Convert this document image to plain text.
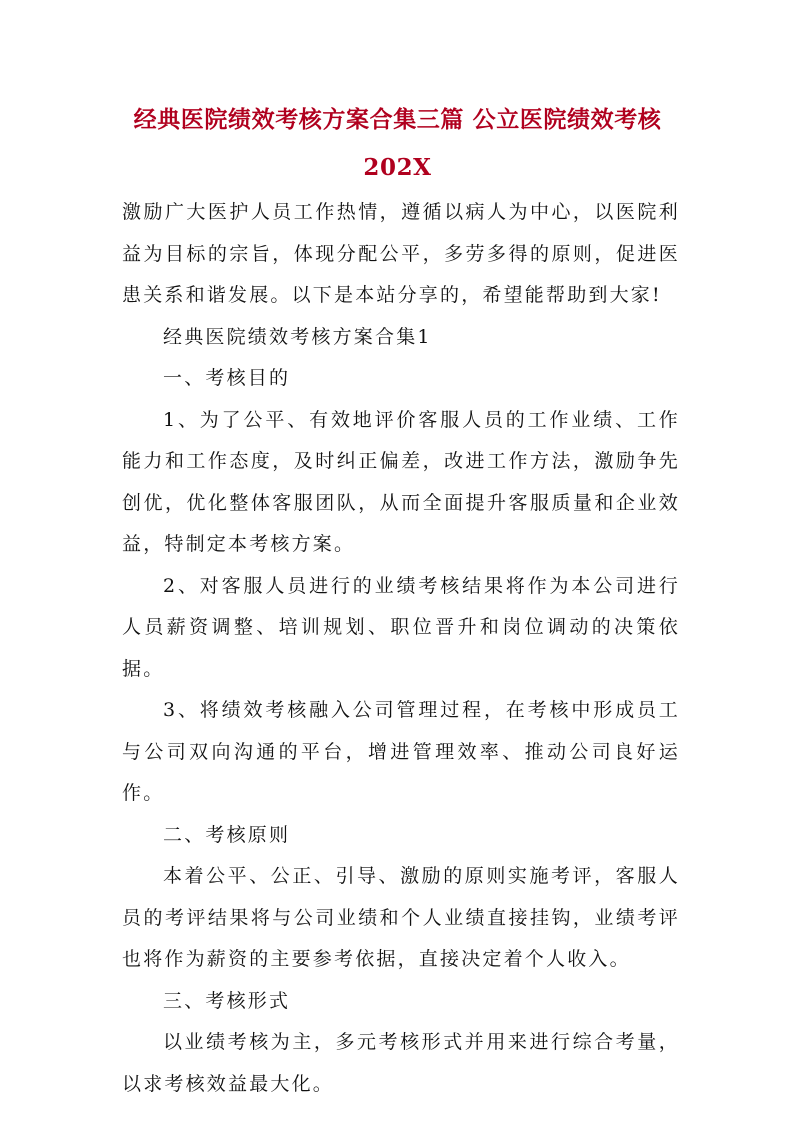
经典医院绩效考核方案合集三篇 公立医院绩效考核202X

激励广大医护人员工作热情，遵循以病人为中心，以医院利益为目标的宗旨，体现分配公平，多劳多得的原则，促进医患关系和谐发展。以下是本站分享的，希望能帮助到大家!

经典医院绩效考核方案合集1

一、考核目的

1、为了公平、有效地评价客服人员的工作业绩、工作能力和工作态度，及时纠正偏差，改进工作方法，激励争先创优，优化整体客服团队，从而全面提升客服质量和企业效益，特制定本考核方案。

2、对客服人员进行的业绩考核结果将作为本公司进行人员薪资调整、培训规划、职位晋升和岗位调动的决策依据。

3、将绩效考核融入公司管理过程，在考核中形成员工与公司双向沟通的平台，增进管理效率、推动公司良好运作。

二、考核原则

本着公平、公正、引导、激励的原则实施考评，客服人员的考评结果将与公司业绩和个人业绩直接挂钩，业绩考评也将作为薪资的主要参考依据，直接决定着个人收入。

三、考核形式

以业绩考核为主，多元考核形式并用来进行综合考量，以求考核效益最大化。
